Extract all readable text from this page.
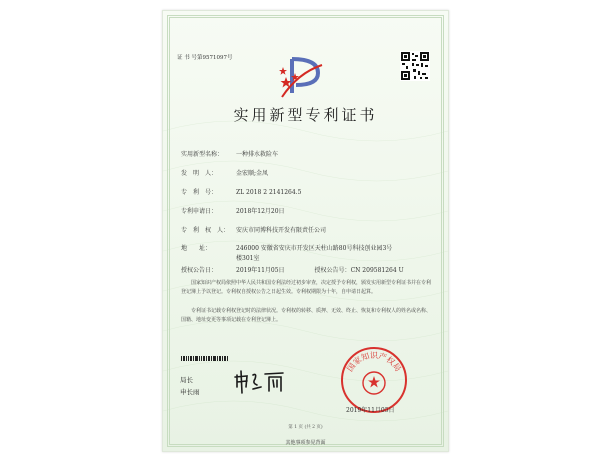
证 书 号第9571097号
实用新型专利证书
实用新型名称： 一种排水救险车
发　明　人：	金宏顺;金凤
专　利　号：	ZL 2018 2 2141264.5
专利申请日：	2018年12月20日
专　利　权　人： 安庆市同博科技开发有限责任公司
地　　址：	246000 安徽省安庆市开发区天柱山路80号科技创业园3号
楼301室
授权公告日：	2019年11月05日	授权公告号：CN 209581264 U
国家知识产权局依照中华人民共和国专利法经过初步审查，决定授予专利权，颁发实用新型专利证书并在专利登记簿上予以登记。专利权自授权公告之日起生效。专利权期限为十年，自申请日起算。
专利证书记载专利权登记时的法律状况。专利权的转移、质押、无效、终止、恢复和专利权人的姓名或名称、国籍、地址变更等事项记载在专利登记簿上。
局长
申长雨
国家知识产权局
2019年11月05日
第 1 页 (共 2 页)
其他事项参见背面
